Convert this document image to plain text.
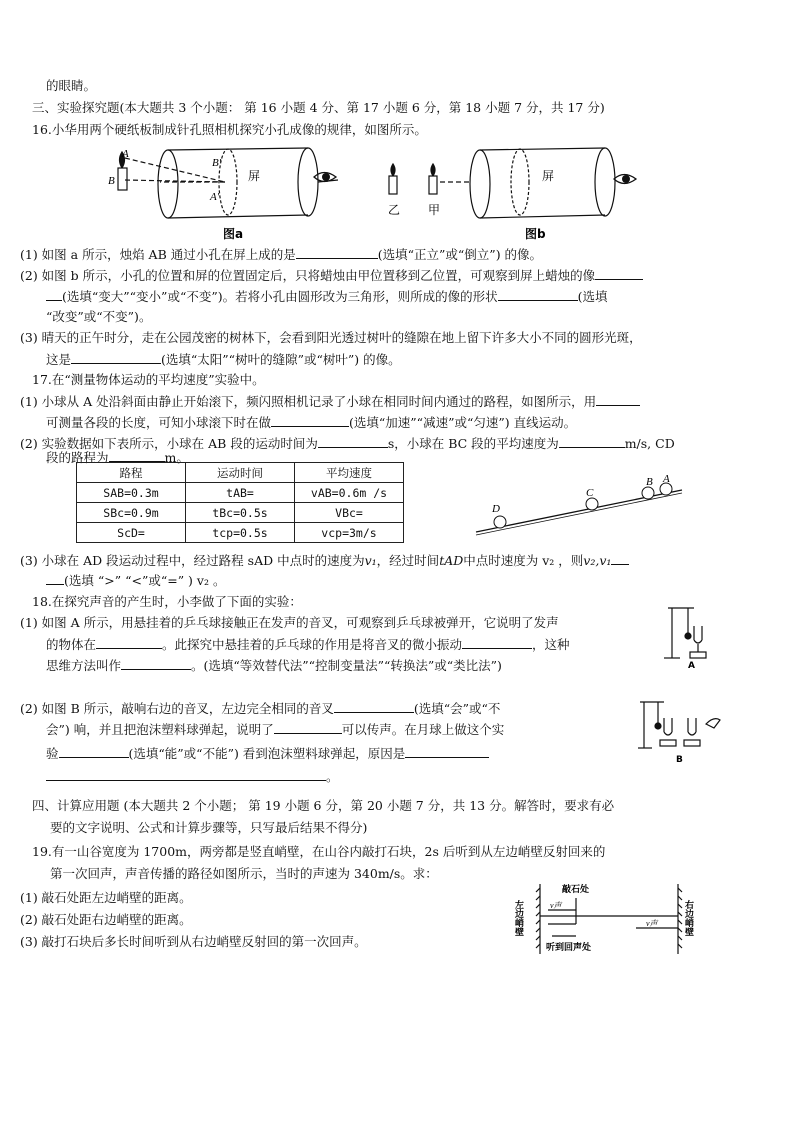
的眼睛。
三、实验探究题(本大题共 3 个小题： 第 16 小题 4 分、第 17 小题 6 分，第 18 小题 7 分，共 17 分)
16.小华用两个硬纸板制成针孔照相机探究小孔成像的规律，如图所示。
A
B
B′
A′
屏
图a
乙 甲
屏
图b
(1) 如图 a 所示，烛焰 AB 通过小孔在屏上成的是	(选填“正立”或“倒立”) 的像。
(2) 如图 b 所示，小孔的位置和屏的位置固定后，只将蜡烛由甲位置移到乙位置，可观察到屏上蜡烛的像
(选填“变大”“变小”或“不变”)。若将小孔由圆形改为三角形，则所成的像的形状	(选填
“改变”或“不变”)。
(3) 晴天的正午时分，走在公园茂密的树林下，会看到阳光透过树叶的缝隙在地上留下许多大小不同的圆形光斑，
这是	(选填“太阳”“树叶的缝隙”或“树叶”) 的像。
17.在“测量物体运动的平均速度”实验中。
(1) 小球从 A 处沿斜面由静止开始滚下，频闪照相机记录了小球在相同时间内通过的路程，如图所示，用
可测量各段的长度，可知小球滚下时在做	(选填“加速”“减速”或“匀速”) 直线运动。
(2) 实验数据如下表所示，小球在 AB 段的运动时间为	s，小球在 BC 段的平均速度为	m/s, CD
段的路程为	m。
路程	运动时间	平均速度
SAB=0.3m	tAB=	vAB=0.6m /s
SBc=0.9m	tBc=0.5s	VBc=
ScD=	tcp=0.5s	vcp=3m/s
D
C
B A
(3) 小球在 AD 段运动过程中，经过路程 sAD 中点时的速度为v₁，经过时间tAD中点时速度为 v₂ ，则v₂,v₁
(选填 “>” “<”或“=” ) v₂ 。
18.在探究声音的产生时，小李做了下面的实验：
(1) 如图 A 所示，用悬挂着的乒乓球接触正在发声的音叉，可观察到乒乓球被弹开，它说明了发声
的物体在	。此探究中悬挂着的乒乓球的作用是将音叉的微小振动	，这种
思维方法叫作	。(选填“等效替代法”“控制变量法”“转换法”或“类比法”)	A
(2) 如图 B 所示，敲响右边的音叉，左边完全相同的音叉	(选填“会”或“不
会”) 响，并且把泡沫塑料球弹起，说明了	可以传声。在月球上做这个实
验	(选填“能”或“不能”) 看到泡沫塑料球弹起，原因是
。
B
四、计算应用题 (本大题共 2 个小题； 第 19 小题 6 分，第 20 小题 7 分，共 13 分。解答时，要求有必
要的文字说明、公式和计算步骤等，只写最后结果不得分)
19.有一山谷宽度为 1700m，两旁都是竖直峭壁，在山谷内敲打石块，2s 后听到从左边峭壁反射回来的
第一次回声，声音传播的路径如图所示，当时的声速为 340m/s。求：
(1) 敲石处距左边峭壁的距离。
(2) 敲石处距右边峭壁的距离。
(3) 敲打石块后多长时间听到从右边峭壁反射回的第一次回声。
敲石处
听到回声处
v声
v声
左边峭壁	右边峭壁
